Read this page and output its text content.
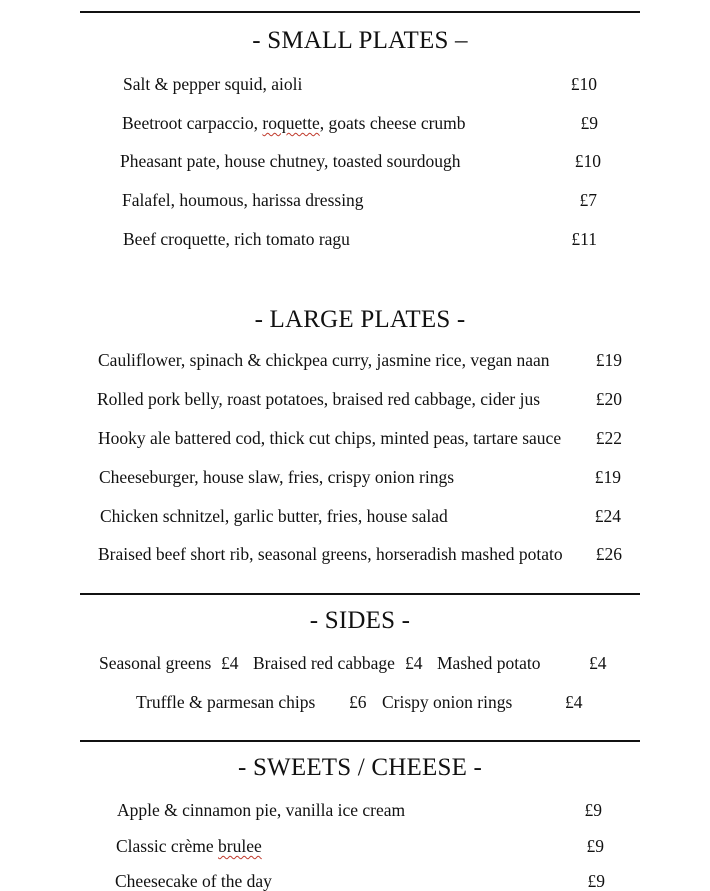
- SMALL PLATES –
Salt & pepper squid, aioli	£10
Beetroot carpaccio, roquette, goats cheese crumb	£9
Pheasant pate, house chutney, toasted sourdough	£10
Falafel, houmous, harissa dressing	£7
Beef croquette, rich tomato ragu	£11
- LARGE PLATES -
Cauliflower, spinach & chickpea curry, jasmine rice, vegan naan	£19
Rolled pork belly, roast potatoes, braised red cabbage, cider jus	£20
Hooky ale battered cod, thick cut chips, minted peas, tartare sauce	£22
Cheeseburger, house slaw, fries, crispy onion rings	£19
Chicken schnitzel, garlic butter, fries, house salad	£24
Braised beef short rib, seasonal greens, horseradish mashed potato	£26
- SIDES -
Seasonal greens £4 Braised red cabbage £4 Mashed potato	£4
Truffle & parmesan chips £6 Crispy onion rings	£4
- SWEETS / CHEESE -
Apple & cinnamon pie, vanilla ice cream	£9
Classic crème brulee	£9
Cheesecake of the day	£9
